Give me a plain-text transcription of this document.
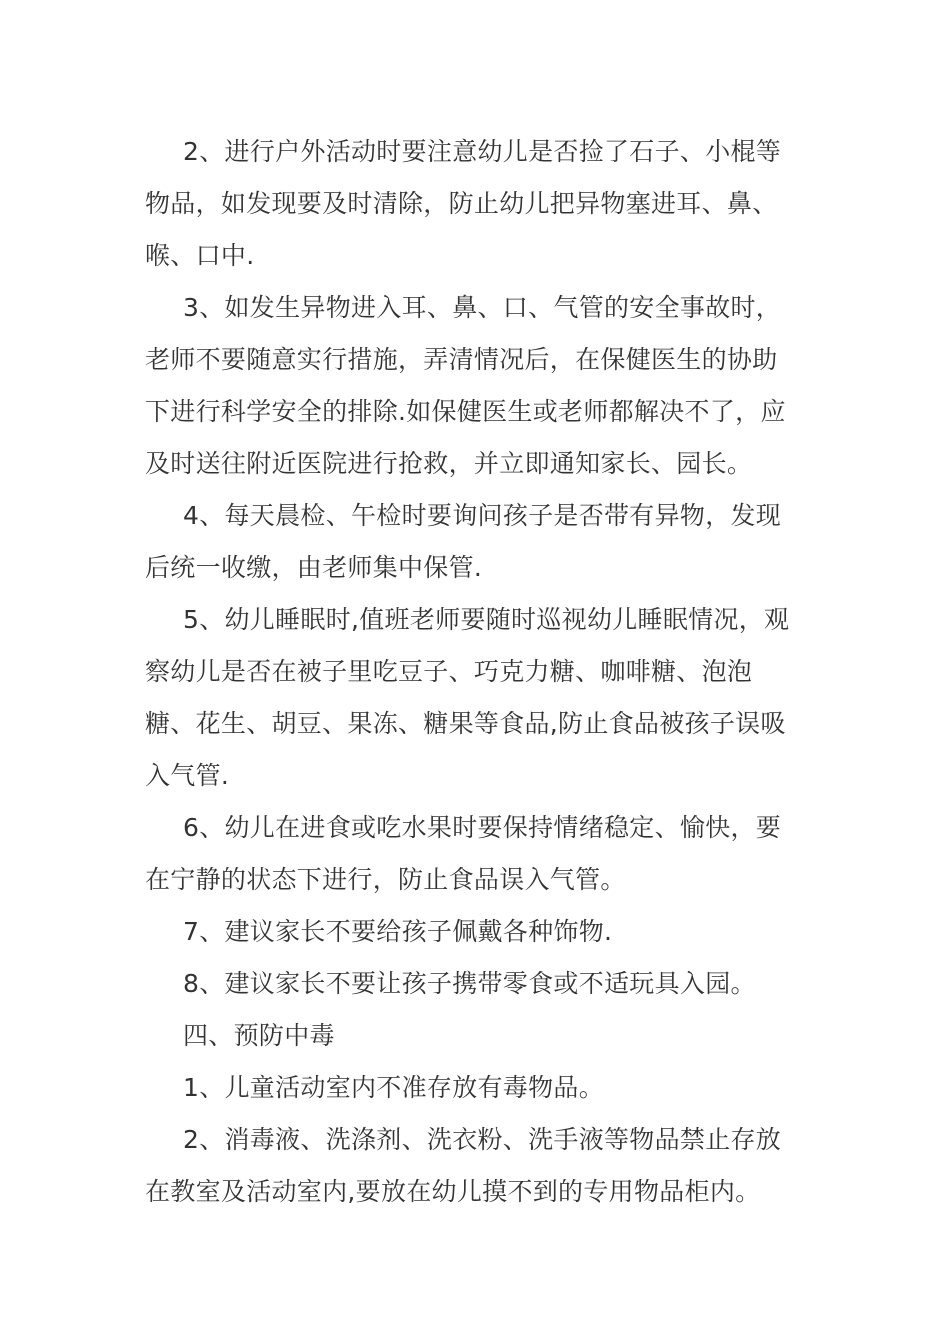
2、进行户外活动时要注意幼儿是否捡了石子、小棍等物品，如发现要及时清除，防止幼儿把异物塞进耳、鼻、喉、口中.

3、如发生异物进入耳、鼻、口、气管的安全事故时，老师不要随意实行措施，弄清情况后，在保健医生的协助下进行科学安全的排除.如保健医生或老师都解决不了，应及时送往附近医院进行抢救，并立即通知家长、园长。

4、每天晨检、午检时要询问孩子是否带有异物，发现后统一收缴，由老师集中保管.

5、幼儿睡眠时,值班老师要随时巡视幼儿睡眠情况，观察幼儿是否在被子里吃豆子、巧克力糖、咖啡糖、泡泡糖、花生、胡豆、果冻、糖果等食品,防止食品被孩子误吸入气管.

6、幼儿在进食或吃水果时要保持情绪稳定、愉快，要在宁静的状态下进行，防止食品误入气管。

7、建议家长不要给孩子佩戴各种饰物.

8、建议家长不要让孩子携带零食或不适玩具入园。

四、预防中毒

1、儿童活动室内不准存放有毒物品。

2、消毒液、洗涤剂、洗衣粉、洗手液等物品禁止存放在教室及活动室内,要放在幼儿摸不到的专用物品柜内。
